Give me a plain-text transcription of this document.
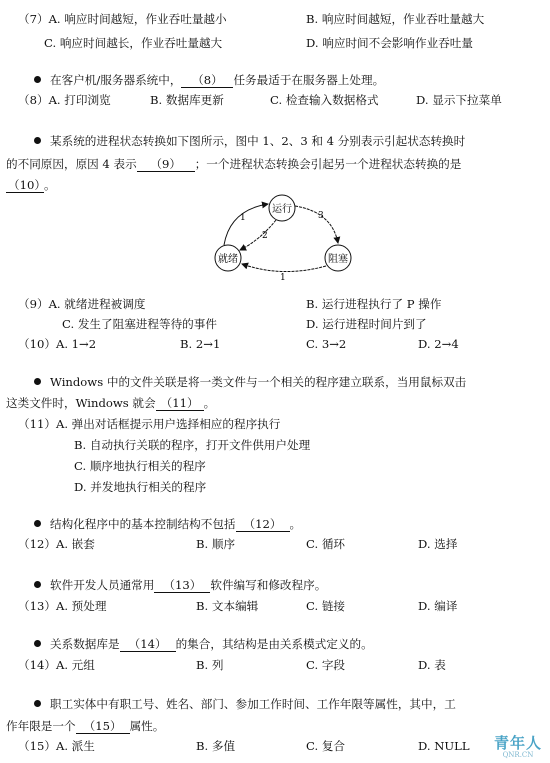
（7）A. 响应时间越短，作业吞吐量越小	B. 响应时间越短，作业吞吐量越大
C. 响应时间越长，作业吞吐量越大	D. 响应时间不会影响作业吞吐量
在客户机/服务器系统中， （8） 任务最适于在服务器上处理。
（8）A. 打印浏览	B. 数据库更新	C. 检查输入数据格式	D. 显示下拉菜单
某系统的进程状态转换如下图所示，图中 1、2、3 和 4 分别表示引起状态转换时
的不同原因，原因 4 表示 （9） ；一个进程状态转换会引起另一个进程状态转换的是
（10）。
运行
就绪	阻塞
1
2
3
1
（9）A. 就绪进程被调度	B. 运行进程执行了 P 操作
C. 发生了阻塞进程等待的事件	D. 运行进程时间片到了
（10）A. 1→2	B. 2→1	C. 3→2	D. 2→4
Windows 中的文件关联是将一类文件与一个相关的程序建立联系，当用鼠标双击
这类文件时，Windows 就会 （11） 。
（11）A. 弹出对话框提示用户选择相应的程序执行
B. 自动执行关联的程序，打开文件供用户处理
C. 顺序地执行相关的程序
D. 并发地执行相关的程序
结构化程序中的基本控制结构不包括 （12） 。
（12）A. 嵌套	B. 顺序	C. 循环	D. 选择
软件开发人员通常用 （13） 软件编写和修改程序。
（13）A. 预处理	B. 文本编辑	C. 链接	D. 编译
关系数据库是 （14） 的集合，其结构是由关系模式定义的。
（14）A. 元组	B. 列	C. 字段	D. 表
职工实体中有职工号、姓名、部门、参加工作时间、工作年限等属性，其中，工
作年限是一个 （15） 属性。
（15）A. 派生	B. 多值	C. 复合	D. NULL 青年人
QNR.CN
